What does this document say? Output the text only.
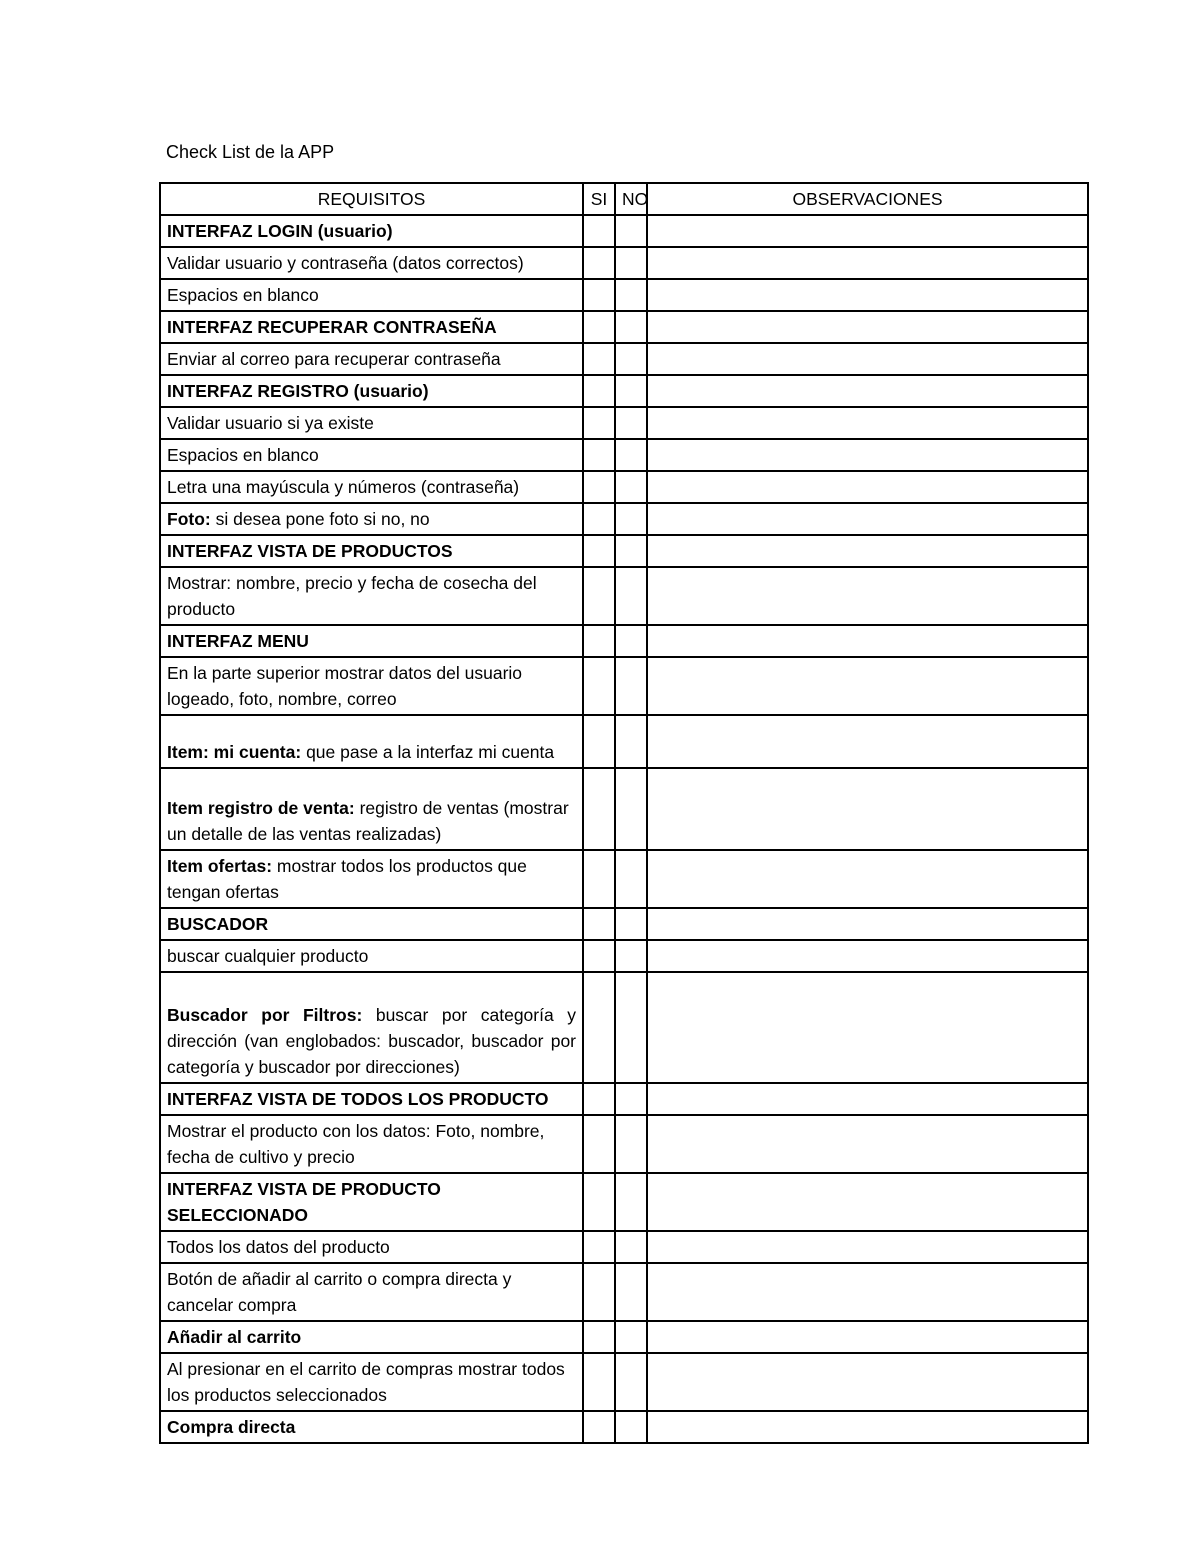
Check List de la APP
REQUISITOS	SI	NO	OBSERVACIONES
INTERFAZ LOGIN (usuario)			
Validar usuario y contraseña (datos correctos)			
Espacios en blanco			
INTERFAZ RECUPERAR CONTRASEÑA			
Enviar al correo para recuperar contraseña			
INTERFAZ REGISTRO (usuario)			
Validar usuario si ya existe			
Espacios en blanco			
Letra una mayúscula y números (contraseña)			
Foto: si desea pone foto si no, no			
INTERFAZ VISTA DE PRODUCTOS			
Mostrar: nombre, precio y fecha de cosecha del producto			
INTERFAZ MENU			
En la parte superior mostrar datos del usuario logeado, foto, nombre, correo			
Item: mi cuenta: que pase a la interfaz mi cuenta			
Item registro de venta: registro de ventas (mostrar un detalle de las ventas realizadas)			
Item ofertas: mostrar todos los productos que tengan ofertas			
BUSCADOR			
buscar cualquier producto			
Buscador por Filtros: buscar por categoría y dirección (van englobados: buscador, buscador por categoría y buscador por direcciones)			
INTERFAZ VISTA DE TODOS LOS PRODUCTO			
Mostrar el producto con los datos: Foto, nombre, fecha de cultivo y precio			
INTERFAZ VISTA DE PRODUCTO SELECCIONADO			
Todos los datos del producto			
Botón de añadir al carrito o compra directa y cancelar compra			
Añadir al carrito			
Al presionar en el carrito de compras mostrar todos los productos seleccionados			
Compra directa			
